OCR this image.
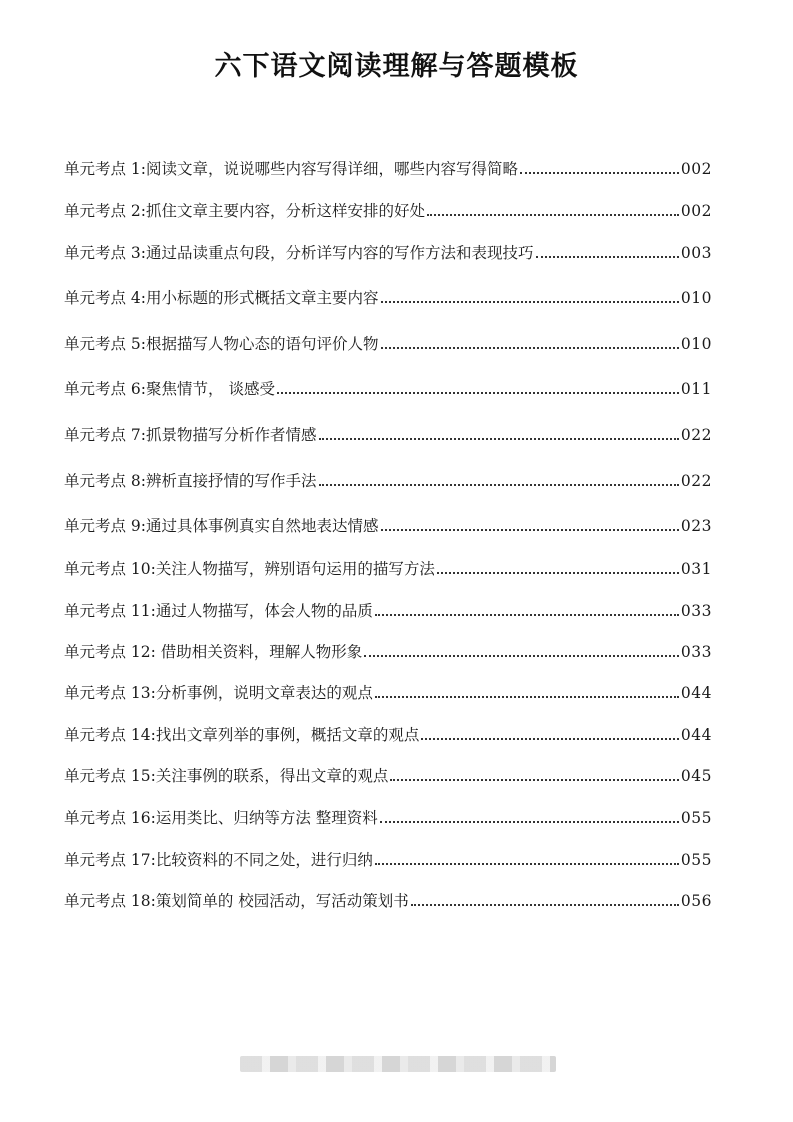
六下语文阅读理解与答题模板
单元考点 1:阅读文章，说说哪些内容写得详细，哪些内容写得简略	002
单元考点 2:抓住文章主要内容，分析这样安排的好处	002
单元考点 3:通过品读重点句段，分析详写内容的写作方法和表现技巧	003
单元考点 4:用小标题的形式概括文章主要内容	010
单元考点 5:根据描写人物心态的语句评价人物	010
单元考点 6:聚焦情节， 谈感受	011
单元考点 7:抓景物描写分析作者情感	022
单元考点 8:辨析直接抒情的写作手法	022
单元考点 9:通过具体事例真实自然地表达情感	023
单元考点 10:关注人物描写，辨别语句运用的描写方法	031
单元考点 11:通过人物描写，体会人物的品质	033
单元考点 12: 借助相关资料，理解人物形象	033
单元考点 13:分析事例，说明文章表达的观点	044
单元考点 14:找出文章列举的事例，概括文章的观点	044
单元考点 15:关注事例的联系，得出文章的观点	045
单元考点 16:运用类比、归纳等方法 整理资料	055
单元考点 17:比较资料的不同之处，进行归纳	055
单元考点 18:策划简单的 校园活动，写活动策划书	056
